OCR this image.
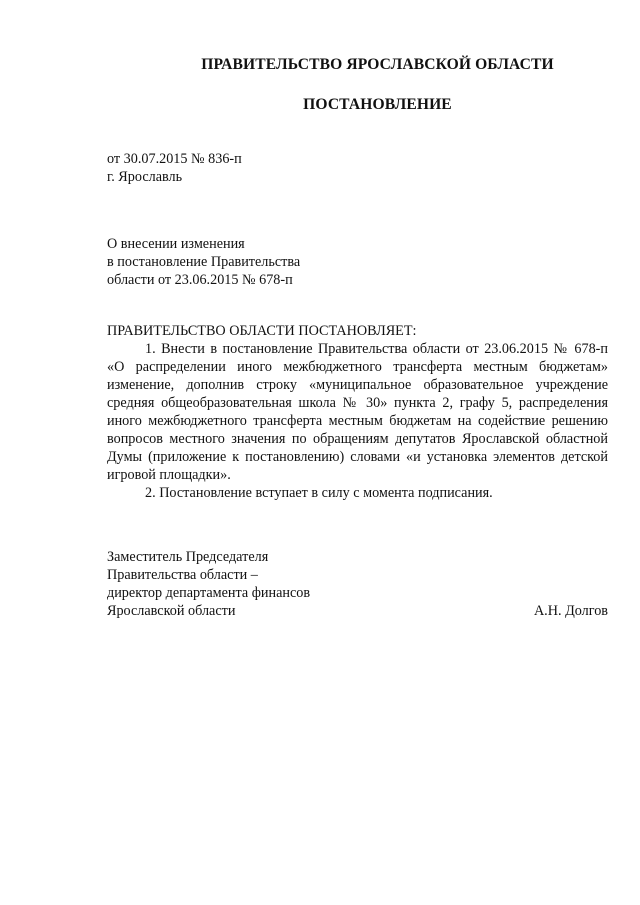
ПРАВИТЕЛЬСТВО ЯРОСЛАВСКОЙ ОБЛАСТИ
ПОСТАНОВЛЕНИЕ
от 30.07.2015 № 836-п
г. Ярославль
О внесении изменения
в постановление Правительства
области от 23.06.2015 № 678-п
ПРАВИТЕЛЬСТВО ОБЛАСТИ ПОСТАНОВЛЯЕТ:

1. Внести в постановление Правительства области от 23.06.2015 № 678-п «О распределении иного межбюджетного трансферта местным бюджетам» изменение, дополнив строку «муниципальное образовательное учреждение средняя общеобразовательная школа № 30» пункта 2, графу 5, распределения иного межбюджетного трансферта местным бюджетам на содействие решению вопросов местного значения по обращениям депутатов Ярославской областной Думы (приложение к постановлению) словами «и установка элементов детской игровой площадки».

2. Постановление вступает в силу с момента подписания.

Заместитель Председателя
Правительства области –
директор департамента финансов
Ярославской области	А.Н. Долгов
